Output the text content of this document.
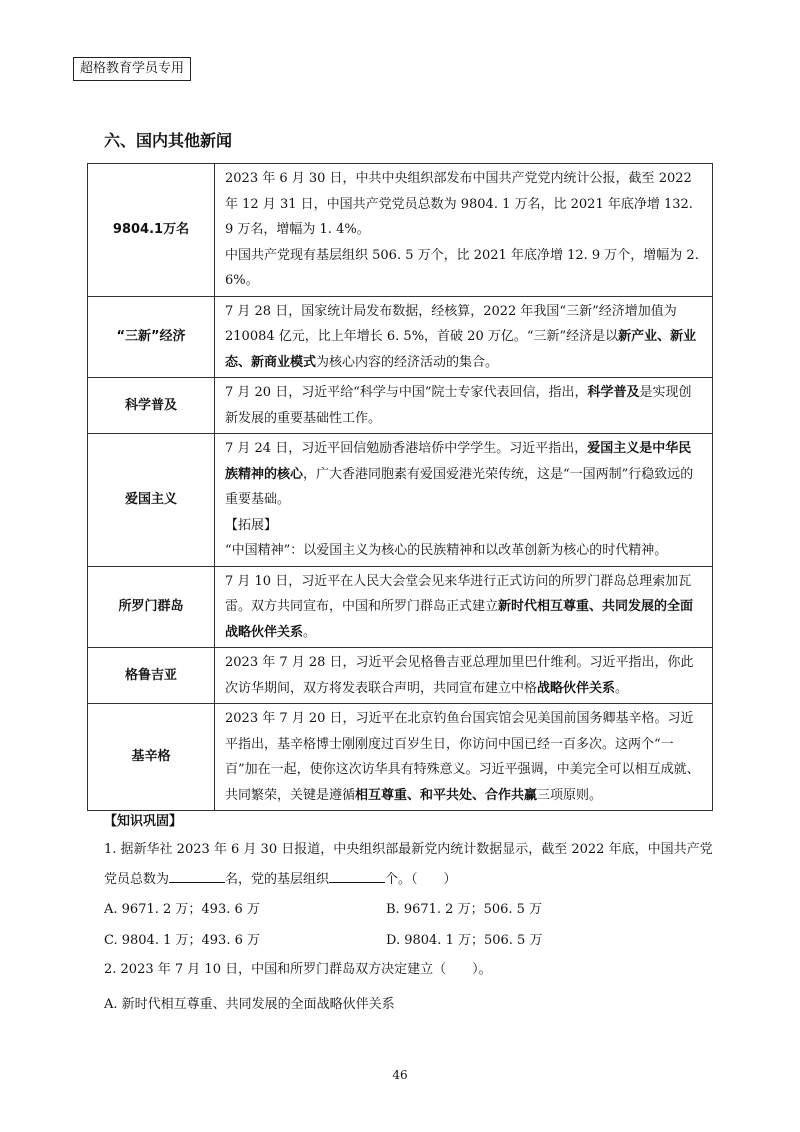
超格教育学员专用
六、国内其他新闻
9804.1万名	2023 年 6 月 30 日，中共中央组织部发布中国共产党党内统计公报，截至 2022 年 12 月 31 日，中国共产党党员总数为 9804. 1 万名，比 2021 年底净增 132. 9 万名，增幅为 1. 4%。
中国共产党现有基层组织 506. 5 万个，比 2021 年底净增 12. 9 万个，增幅为 2. 6%。

“三新”经济	7 月 28 日，国家统计局发布数据，经核算，2022 年我国“三新”经济增加值为 210084 亿元，比上年增长 6. 5%，首破 20 万亿。“三新”经济是以新产业、新业态、新商业模式为核心内容的经济活动的集合。
科学普及	7 月 20 日，习近平给“科学与中国”院士专家代表回信，指出，科学普及是实现创新发展的重要基础性工作。
爱国主义	7 月 24 日，习近平回信勉励香港培侨中学学生。习近平指出，爱国主义是中华民族精神的核心，广大香港同胞素有爱国爱港光荣传统，这是“一国两制”行稳致远的重要基础。
【拓展】
“中国精神”：以爱国主义为核心的民族精神和以改革创新为核心的时代精神。

所罗门群岛	7 月 10 日，习近平在人民大会堂会见来华进行正式访问的所罗门群岛总理索加瓦雷。双方共同宣布，中国和所罗门群岛正式建立新时代相互尊重、共同发展的全面战略伙伴关系。
格鲁吉亚	2023 年 7 月 28 日，习近平会见格鲁吉亚总理加里巴什维利。习近平指出，你此次访华期间，双方将发表联合声明，共同宣布建立中格战略伙伴关系。
基辛格	2023 年 7 月 20 日，习近平在北京钓鱼台国宾馆会见美国前国务卿基辛格。习近平指出，基辛格博士刚刚度过百岁生日，你访问中国已经一百多次。这两个“一百”加在一起，使你这次访华具有特殊意义。习近平强调，中美完全可以相互成就、共同繁荣，关键是遵循相互尊重、和平共处、合作共赢三项原则。
【知识巩固】
1. 据新华社 2023 年 6 月 30 日报道，中央组织部最新党内统计数据显示，截至 2022 年底，中国共产党党员总数为	名，党的基层组织	个。（　　）
A. 9671. 2 万；493. 6 万	B. 9671. 2 万；506. 5 万
C. 9804. 1 万；493. 6 万	D. 9804. 1 万；506. 5 万
2. 2023 年 7 月 10 日，中国和所罗门群岛双方决定建立（　　）。
A. 新时代相互尊重、共同发展的全面战略伙伴关系
46
